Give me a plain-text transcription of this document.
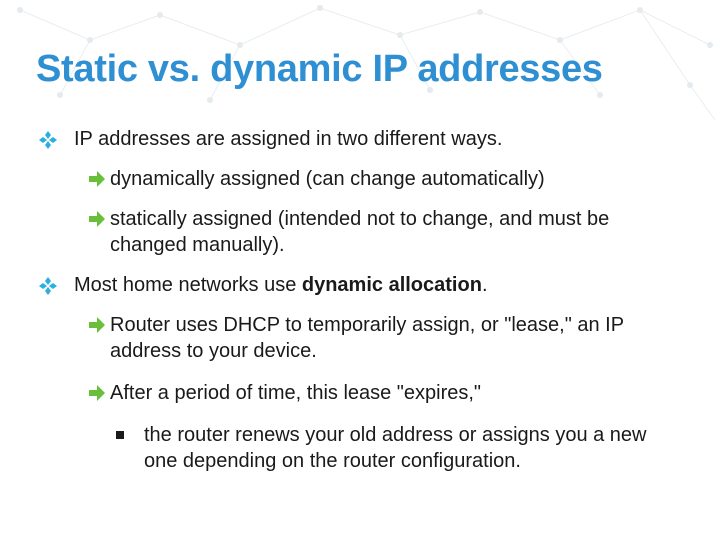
Static vs. dynamic IP addresses
IP addresses are assigned in two different ways.
dynamically assigned (can change automatically)
statically assigned (intended not to change, and must be changed manually).
Most home networks use dynamic allocation.
Router uses DHCP to temporarily assign, or "lease," an IP address to your device.
After a period of time, this lease "expires,"
the router renews your old address or assigns you a new one depending on the router configuration.
